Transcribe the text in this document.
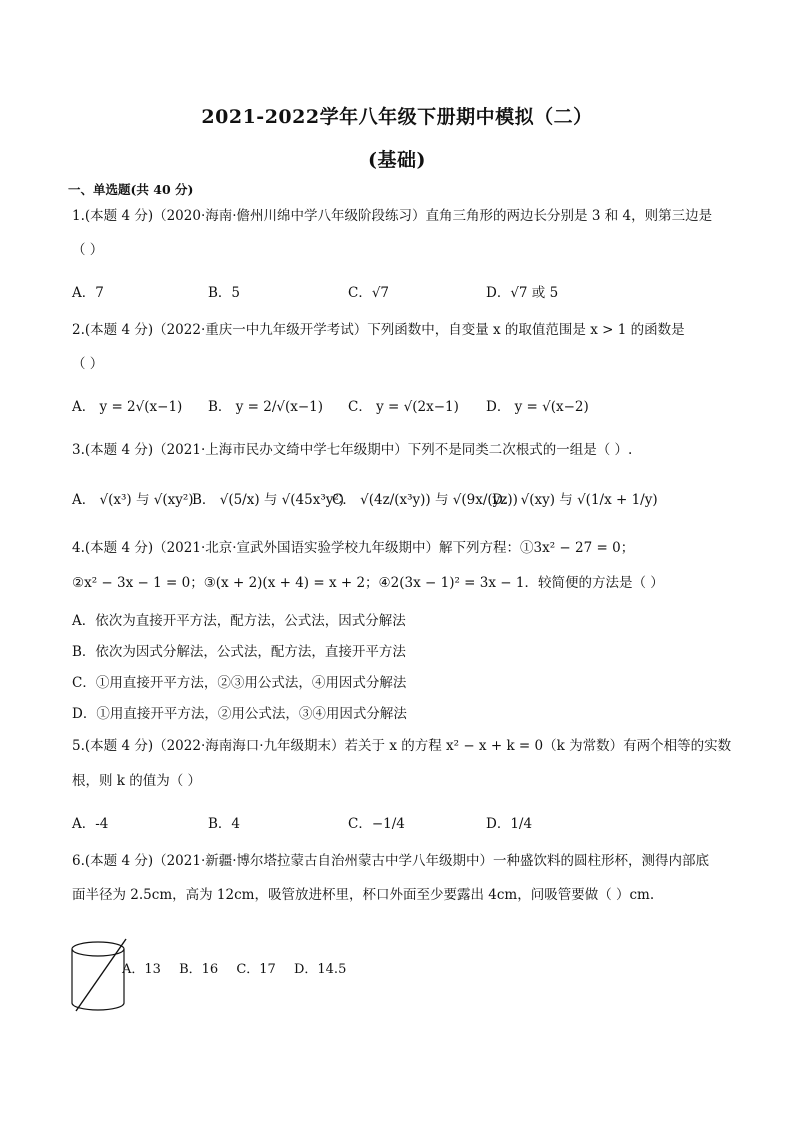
2021-2022学年八年级下册期中模拟（二）
(基础)
一、单选题(共 40 分)
1.(本题 4 分)（2020·海南·儋州川绵中学八年级阶段练习）直角三角形的两边长分别是 3 和 4，则第三边是
（ ）
A．7	B．5	C．√7	D．√7 或 5
2.(本题 4 分)（2022·重庆一中九年级开学考试）下列函数中，自变量 x 的取值范围是 x > 1 的函数是
（ ）
A． y = 2√(x−1) B． y = 2/√(x−1) C． y = √(2x−1) D． y = √(x−2)
3.(本题 4 分)（2021·上海市民办文绮中学七年级期中）下列不是同类二次根式的一组是（ ）.
A． √(x³) 与 √(xy²)
B． √(5/x) 与 √(45x³y²)
C． √(4z/(x³y)) 与 √(9x/(yz))
D． √(xy) 与 √(1/x + 1/y)
4.(本题 4 分)（2021·北京·宣武外国语实验学校九年级期中）解下列方程：①3x² − 27 = 0；
②x² − 3x − 1 = 0；③(x + 2)(x + 4) = x + 2；④2(3x − 1)² = 3x − 1．较简便的方法是（ ）
A．依次为直接开平方法，配方法，公式法，因式分解法
B．依次为因式分解法，公式法，配方法，直接开平方法
C．①用直接开平方法，②③用公式法，④用因式分解法
D．①用直接开平方法，②用公式法，③④用因式分解法
5.(本题 4 分)（2022·海南海口·九年级期末）若关于 x 的方程 x² − x + k = 0（k 为常数）有两个相等的实数
根，则 k 的值为（ ）
A．-4	B．4	C．−1/4	D．1/4
6.(本题 4 分)（2021·新疆·博尔塔拉蒙古自治州蒙古中学八年级期中）一种盛饮料的圆柱形杯，测得内部底
面半径为 2.5cm，高为 12cm，吸管放进杯里，杯口外面至少要露出 4cm，问吸管要做（ ）cm.
A．13 B．16 C．17 D．14.5
